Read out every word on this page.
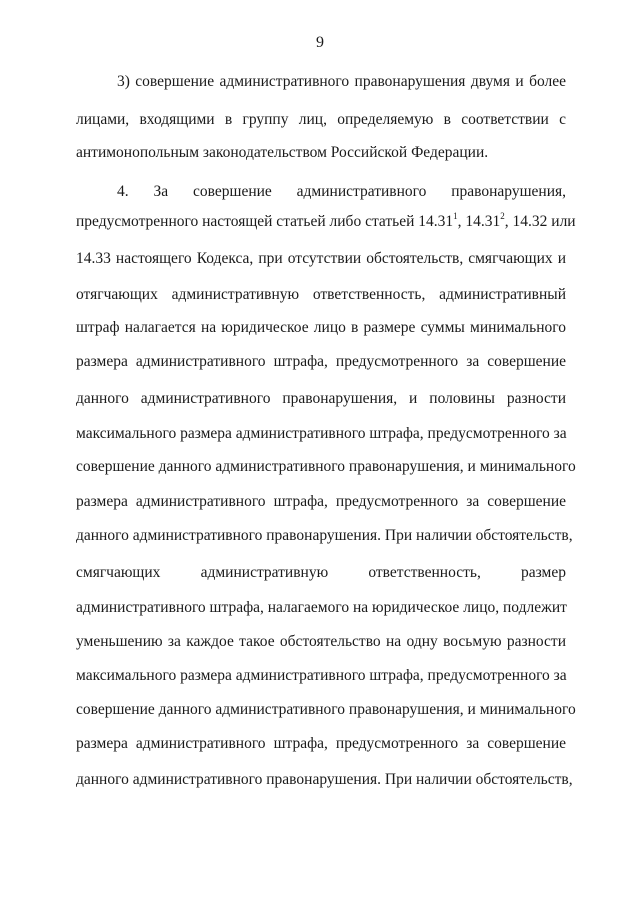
9
3) совершение административного правонарушения двумя и более
лицами, входящими в группу лиц, определяемую в соответствии с
антимонопольным законодательством Российской Федерации.
4. За совершение административного правонарушения,
предусмотренного настоящей статьей либо статьей 14.31$^1$, 14.31$^2$, 14.32 или
14.33 настоящего Кодекса, при отсутствии обстоятельств, смягчающих и
отягчающих административную ответственность, административный
штраф налагается на юридическое лицо в размере суммы минимального
размера административного штрафа, предусмотренного за совершение
данного административного правонарушения, и половины разности
максимального размера административного штрафа, предусмотренного за
совершение данного административного правонарушения, и минимального
размера административного штрафа, предусмотренного за совершение
данного административного правонарушения. При наличии обстоятельств,
смягчающих административную ответственность, размер
административного штрафа, налагаемого на юридическое лицо, подлежит
уменьшению за каждое такое обстоятельство на одну восьмую разности
максимального размера административного штрафа, предусмотренного за
совершение данного административного правонарушения, и минимального
размера административного штрафа, предусмотренного за совершение
данного административного правонарушения. При наличии обстоятельств,
